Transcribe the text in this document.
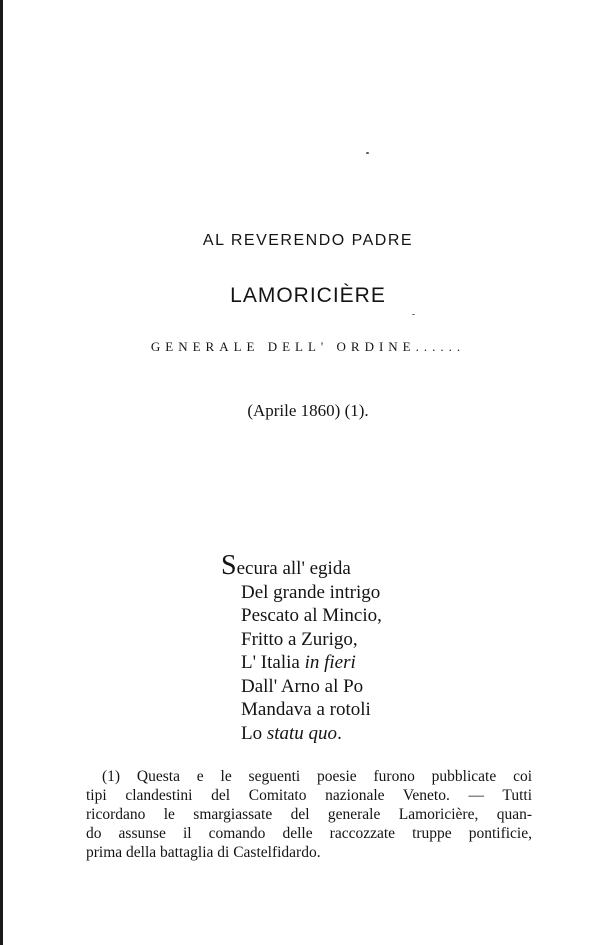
AL REVERENDO PADRE
LAMORICIÈRE
GENERALE DELL' ORDINE......
(Aprile 1860) (1).
Secura all' egida
Del grande intrigo
Pescato al Mincio,
Fritto a Zurigo,
L' Italia in fieri
Dall' Arno al Po
Mandava a rotoli
Lo statu quo.
(1) Questa e le seguenti poesie furono pubblicate coi
tipi clandestini del Comitato nazionale Veneto. — Tutti
ricordano le smargiassate del generale Lamoricière, quan-
do assunse il comando delle raccozzate truppe pontificie,
prima della battaglia di Castelfidardo.
